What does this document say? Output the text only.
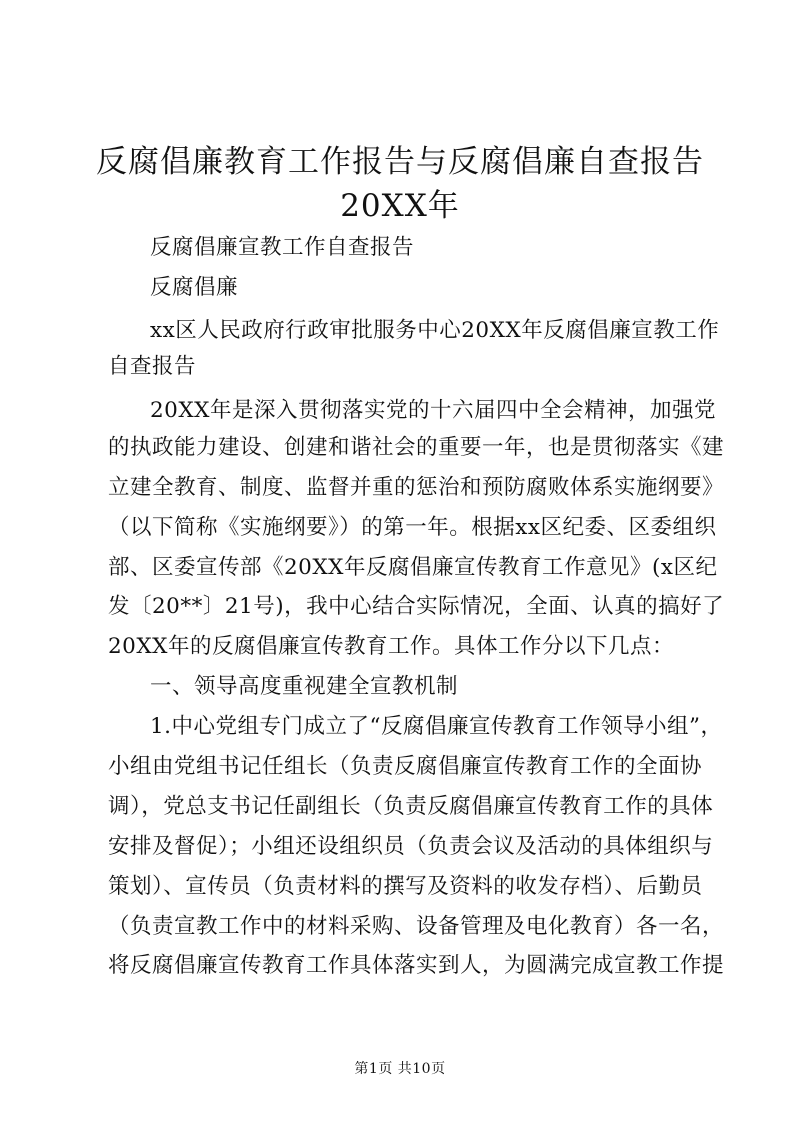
反腐倡廉教育工作报告与反腐倡廉自查报告
20XX年
反腐倡廉宣教工作自查报告
反腐倡廉
xx区人民政府行政审批服务中心20XX年反腐倡廉宣教工作
自查报告
20XX年是深入贯彻落实党的十六届四中全会精神，加强党
的执政能力建设、创建和谐社会的重要一年，也是贯彻落实《建
立建全教育、制度、监督并重的惩治和预防腐败体系实施纲要》
（以下简称《实施纲要》）的第一年。根据xx区纪委、区委组织
部、区委宣传部《20XX年反腐倡廉宣传教育工作意见》(x区纪
发〔20**〕21号)，我中心结合实际情况，全面、认真的搞好了
20XX年的反腐倡廉宣传教育工作。具体工作分以下几点：
一、领导高度重视建全宣教机制
1.中心党组专门成立了“反腐倡廉宣传教育工作领导小组”，
小组由党组书记任组长（负责反腐倡廉宣传教育工作的全面协
调），党总支书记任副组长（负责反腐倡廉宣传教育工作的具体
安排及督促）；小组还设组织员（负责会议及活动的具体组织与
策划）、宣传员（负责材料的撰写及资料的收发存档）、后勤员
（负责宣教工作中的材料采购、设备管理及电化教育）各一名，
将反腐倡廉宣传教育工作具体落实到人，为圆满完成宣教工作提
第1页 共10页
